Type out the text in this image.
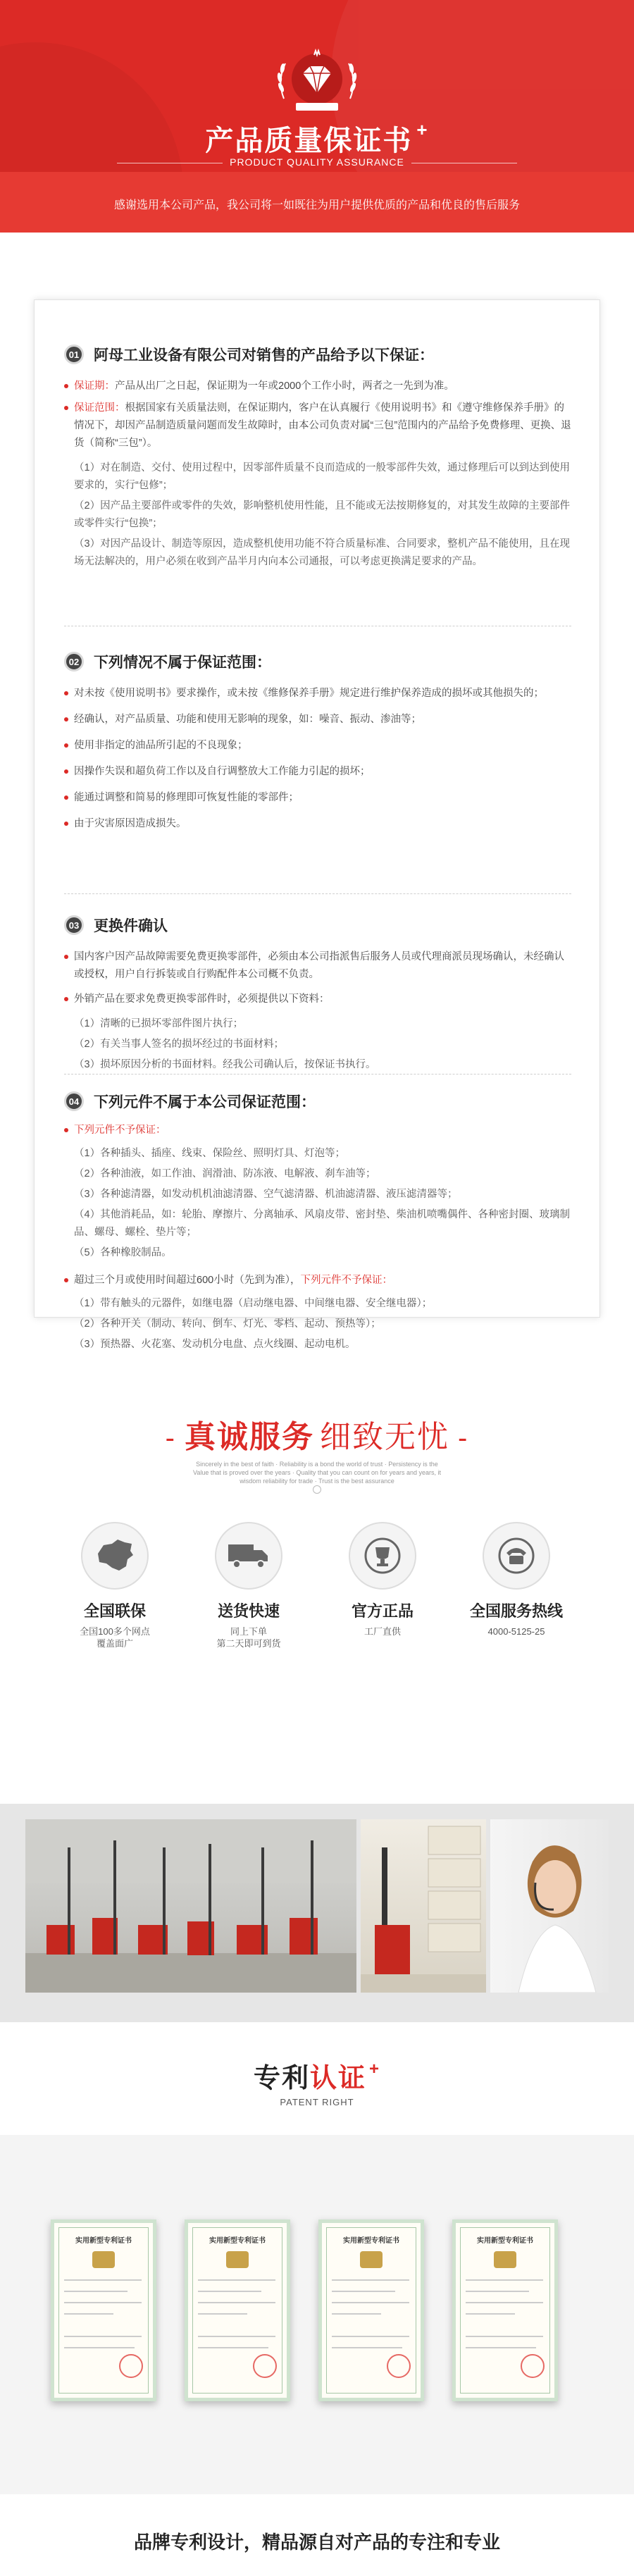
产品质量保证书 +
PRODUCT QUALITY ASSURANCE
感谢选用本公司产品，我公司将一如既往为用户提供优质的产品和优良的售后服务
01 阿母工业设备有限公司对销售的产品给予以下保证：
保证期：产品从出厂之日起，保证期为一年或2000个工作小时，两者之一先到为准。
保证范围：根据国家有关质量法则，在保证期内，客户在认真履行《使用说明书》和《遵守维修保养手册》的情况下，却因产品制造质量问题而发生故障时，由本公司负责对属“三包”范围内的产品给予免费修理、更换、退货（简称“三包”）。
（1）对在制造、交付、使用过程中，因零部件质量不良而造成的一般零部件失效，通过修理后可以到达到使用要求的，实行“包修”；
（2）因产品主要部件或零件的失效，影响整机使用性能，且不能或无法按期修复的，对其发生故障的主要部件或零件实行“包换”；
（3）对因产品设计、制造等原因，造成整机使用功能不符合质量标准、合同要求，整机产品不能使用，且在现场无法解决的，用户必须在收到产品半月内向本公司通报，可以考虑更换满足要求的产品。
02 下列情况不属于保证范围：
对未按《使用说明书》要求操作，或未按《维修保养手册》规定进行维护保养造成的损坏或其他损失的；
经确认，对产品质量、功能和使用无影响的现象，如：噪音、振动、渗油等；
使用非指定的油品所引起的不良现象；
因操作失误和超负荷工作以及自行调整放大工作能力引起的损坏；
能通过调整和简易的修理即可恢复性能的零部件；
由于灾害原因造成损失。
03 更换件确认
国内客户因产品故障需要免费更换零部件，必须由本公司指派售后服务人员或代理商派员现场确认，未经确认或授权，用户自行拆装或自行购配件本公司概不负责。
外销产品在要求免费更换零部件时，必须提供以下资料：
（1）清晰的已损坏零部件图片执行；
（2）有关当事人签名的损坏经过的书面材料；
（3）损坏原因分析的书面材料。经我公司确认后，按保证书执行。
04 下列元件不属于本公司保证范围：
下列元件不予保证：
（1）各种插头、插座、线束、保险丝、照明灯具、灯泡等；
（2）各种油液，如工作油、润滑油、防冻液、电解液、刹车油等；
（3）各种滤清器，如发动机机油滤清器、空气滤清器、机油滤清器、液压滤清器等；
（4）其他消耗品，如：轮胎、摩擦片、分离轴承、风扇皮带、密封垫、柴油机喷嘴偶件、各种密封圈、玻璃制品、螺母、螺栓、垫片等；
（5）各种橡胶制品。
超过三个月或使用时间超过600小时（先到为准），下列元件不予保证：
（1）带有触头的元器件，如继电器（启动继电器、中间继电器、安全继电器）；
（2）各种开关（制动、转向、倒车、灯光、零档、起动、预热等）；
（3）预热器、火花塞、发动机分电盘、点火线圈、起动电机。
- 真诚服务 细致无忧 -
Sincerely in the best of faith · Reliability is a bond the world of trust · Persistency is the
Value that is proved over the years · Quality that you can count on for years and years, it
wisdom reliability for trade · Trust is the best assurance
全国联保
全国100多个网点
覆盖面广
送货快速
同上下单
第二天即可到货
官方正品
工厂直供
全国服务热线
4000-5125-25
专利认证 +
PATENT RIGHT
实用新型专利证书	实用新型专利证书	实用新型专利证书	实用新型专利证书
品牌专利设计，精品源自对产品的专注和专业
